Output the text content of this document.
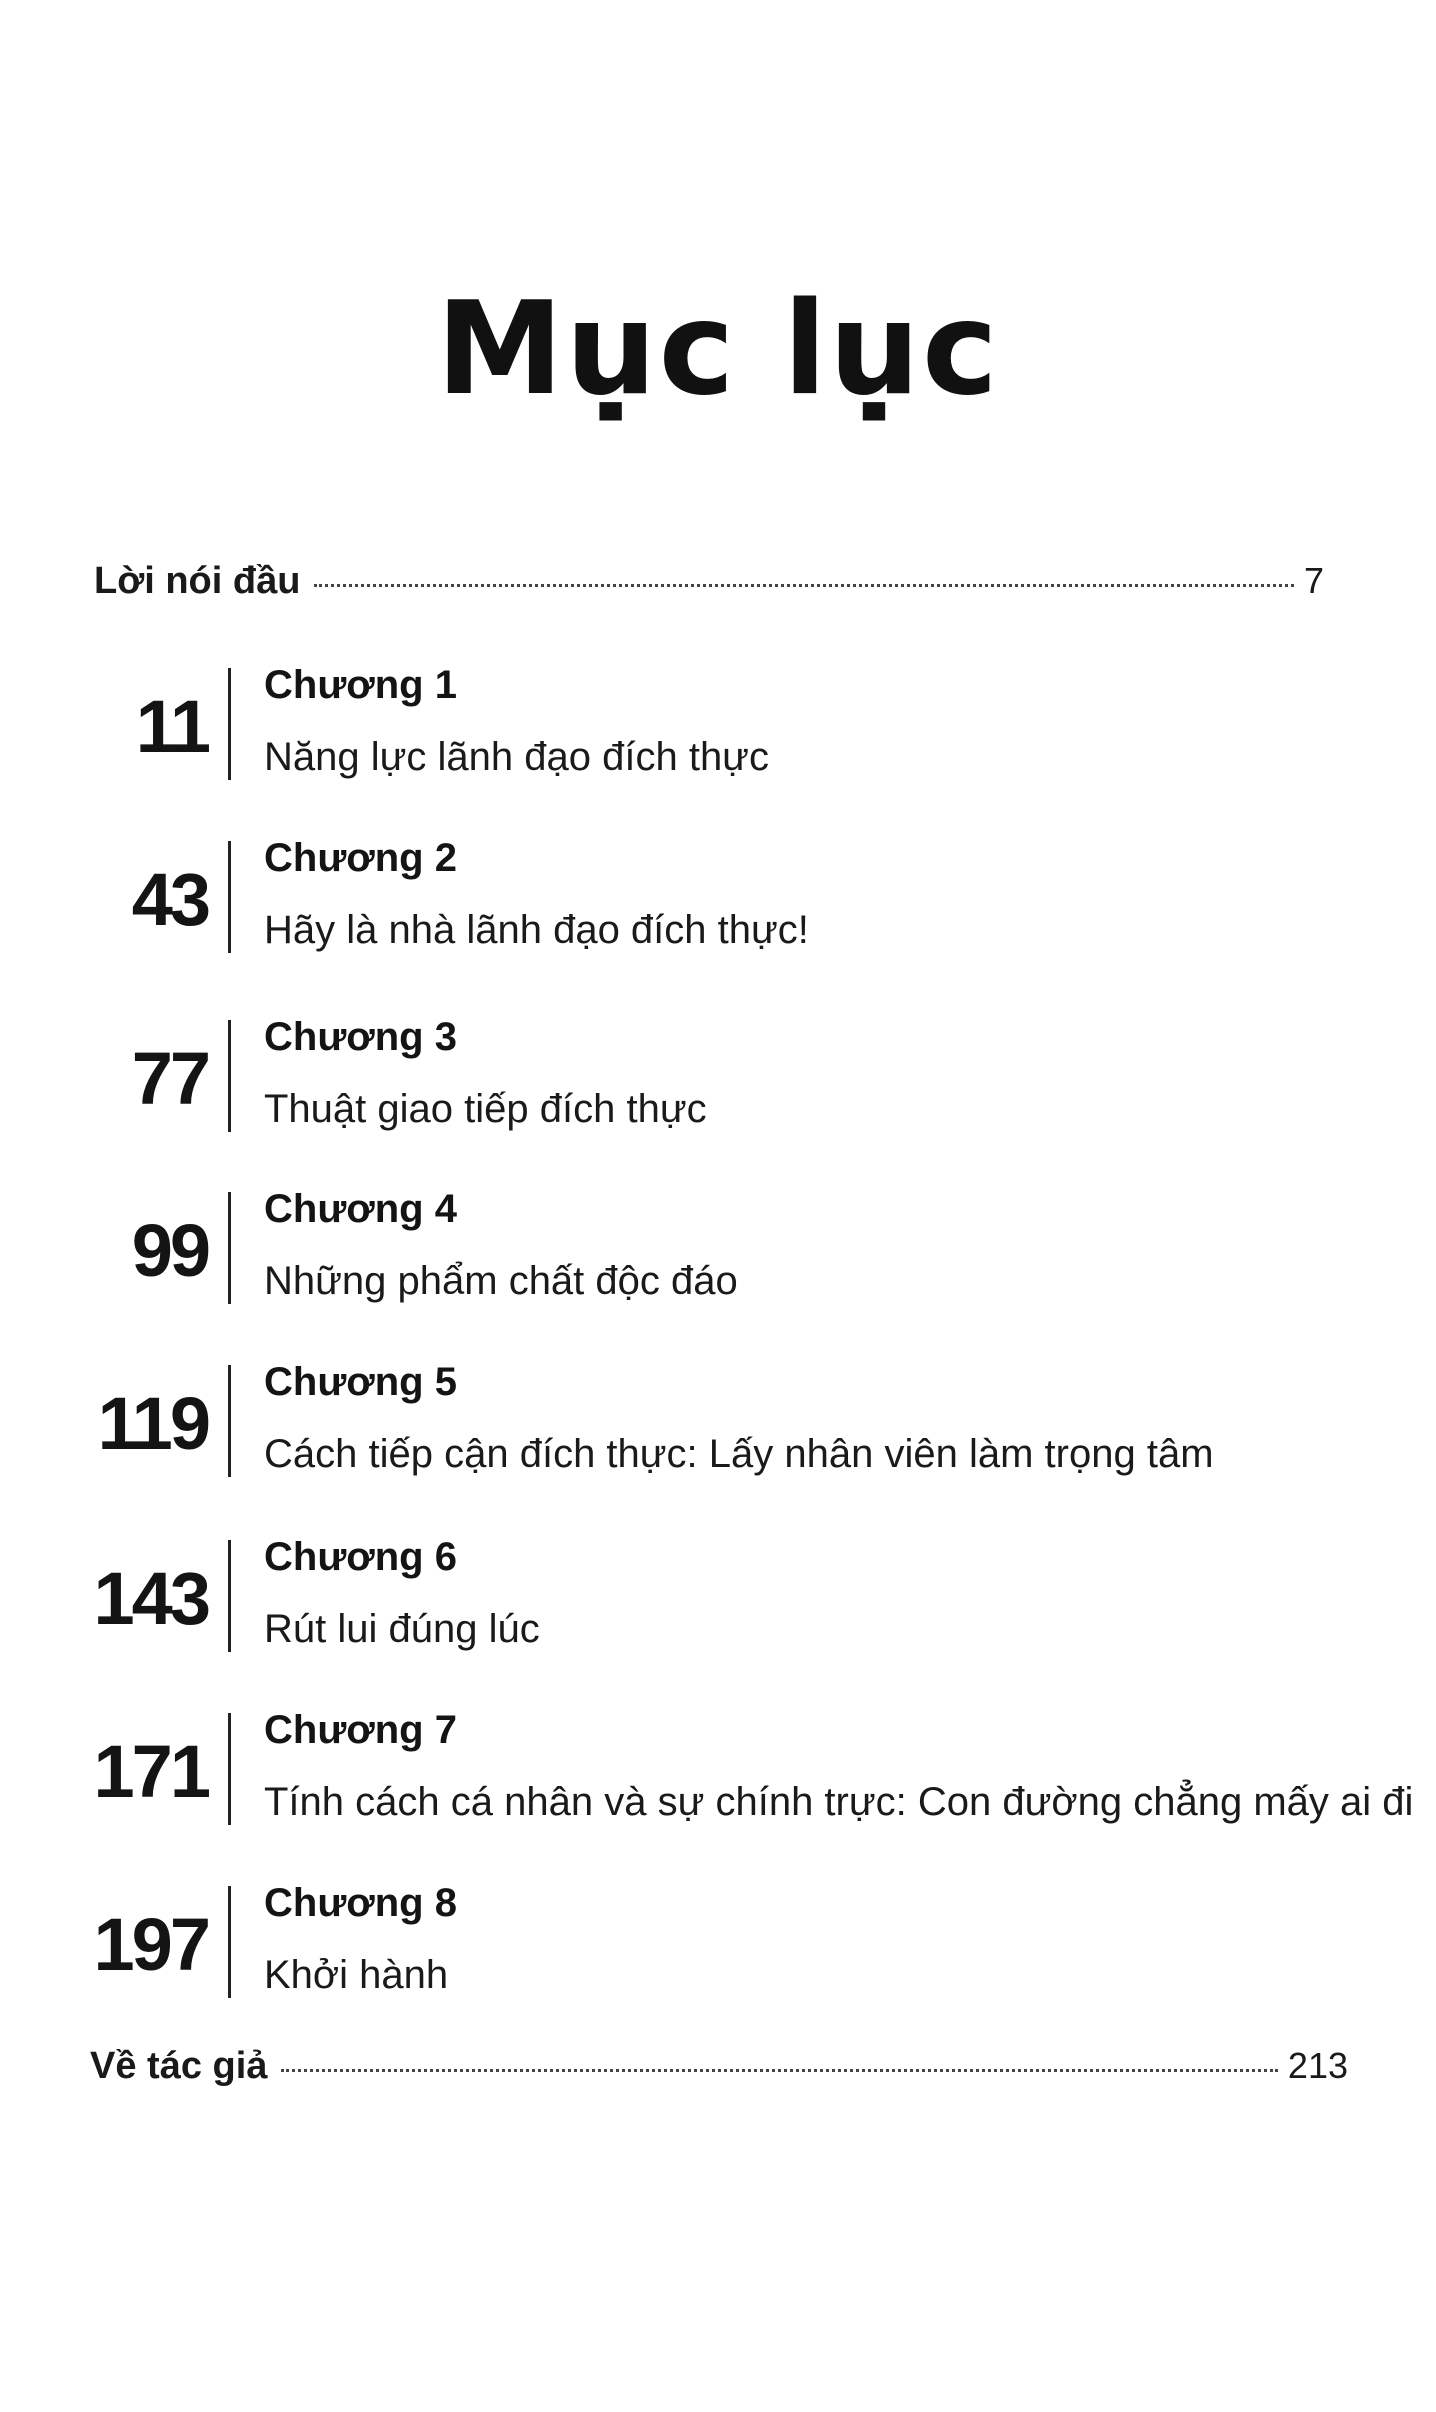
Mục lục
Lời nói đầu	7
11 Chương 1
Năng lực lãnh đạo đích thực
43 Chương 2
Hãy là nhà lãnh đạo đích thực!
77 Chương 3
Thuật giao tiếp đích thực
99 Chương 4
Những phẩm chất độc đáo
119 Chương 5
Cách tiếp cận đích thực: Lấy nhân viên làm trọng tâm
143 Chương 6
Rút lui đúng lúc
171 Chương 7
Tính cách cá nhân và sự chính trực: Con đường chẳng mấy ai đi
197 Chương 8
Khởi hành
Về tác giả	213
